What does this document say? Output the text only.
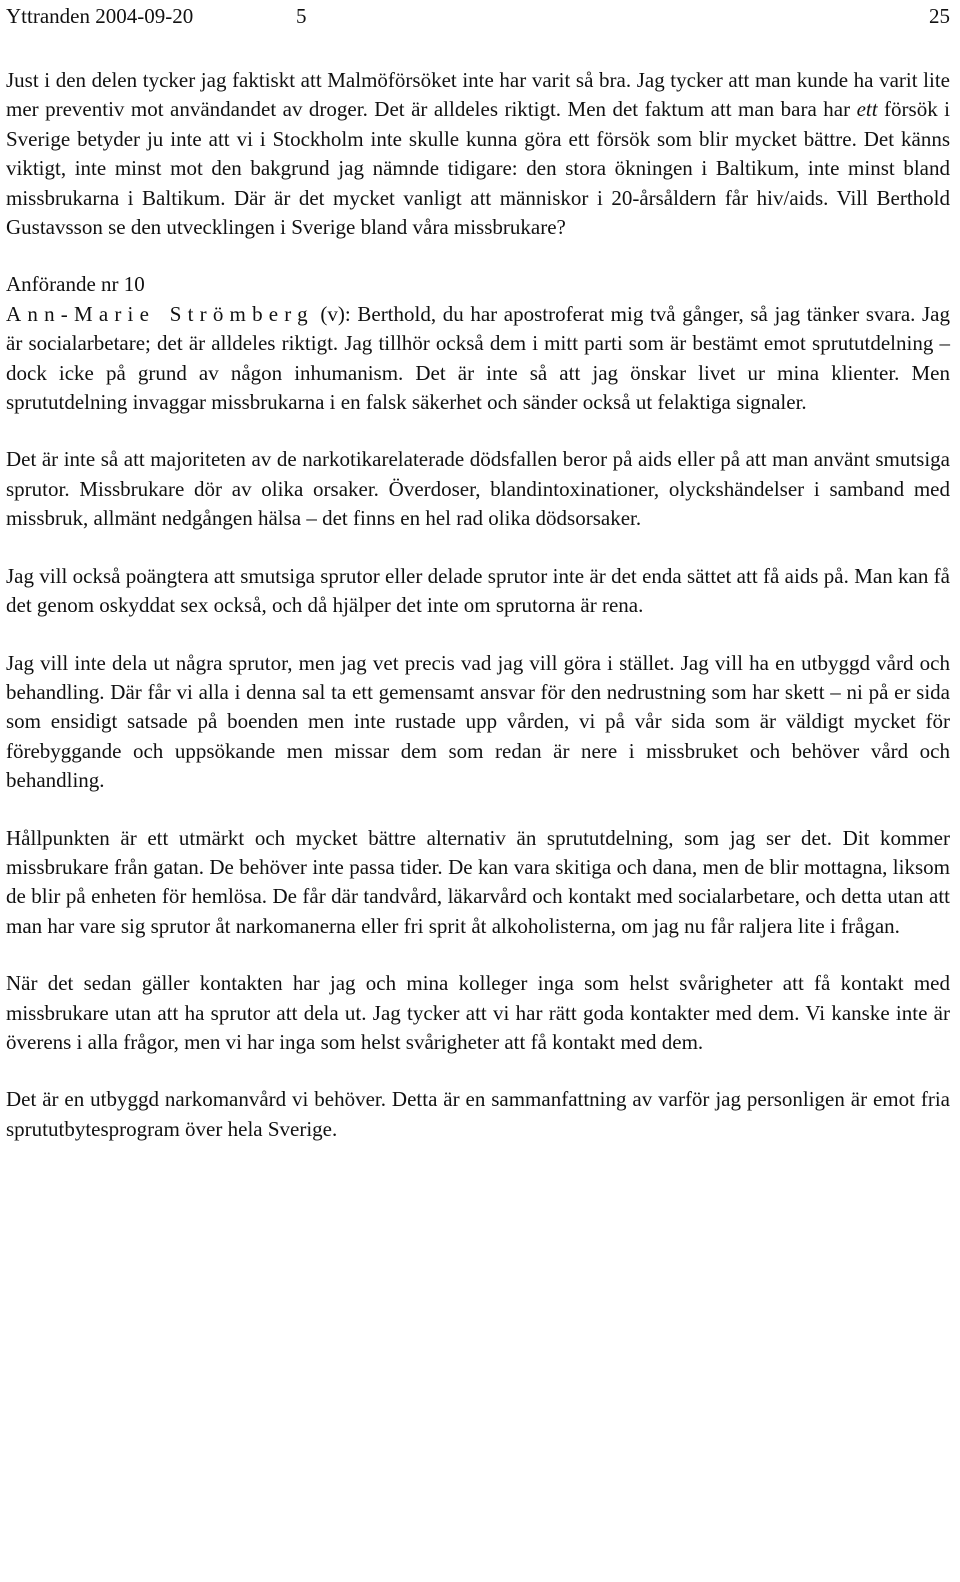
Yttranden 2004-09-20	5	25

Just i den delen tycker jag faktiskt att Malmöförsöket inte har varit så bra. Jag tycker att man kunde ha varit lite mer preventiv mot användandet av droger. Det är alldeles riktigt. Men det faktum att man bara har ett försök i Sverige betyder ju inte att vi i Stockholm inte skulle kunna göra ett försök som blir mycket bättre. Det känns viktigt, inte minst mot den bakgrund jag nämnde tidigare: den stora ökningen i Baltikum, inte minst bland missbrukarna i Baltikum. Där är det mycket vanligt att människor i 20-årsåldern får hiv/aids. Vill Berthold Gustavsson se den utvecklingen i Sverige bland våra missbrukare?

Anförande nr 10

Ann-Marie Strömberg (v): Berthold, du har apostroferat mig två gånger, så jag tänker svara. Jag är socialarbetare; det är alldeles riktigt. Jag tillhör också dem i mitt parti som är bestämt emot sprututdelning – dock icke på grund av någon inhumanism. Det är inte så att jag önskar livet ur mina klienter. Men sprututdelning invaggar missbrukarna i en falsk säkerhet och sänder också ut felaktiga signaler.

Det är inte så att majoriteten av de narkotikarelaterade dödsfallen beror på aids eller på att man använt smutsiga sprutor. Missbrukare dör av olika orsaker. Överdoser, blandintoxinationer, olyckshändelser i samband med missbruk, allmänt nedgången hälsa – det finns en hel rad olika dödsorsaker.

Jag vill också poängtera att smutsiga sprutor eller delade sprutor inte är det enda sättet att få aids på. Man kan få det genom oskyddat sex också, och då hjälper det inte om sprutorna är rena.

Jag vill inte dela ut några sprutor, men jag vet precis vad jag vill göra i stället. Jag vill ha en utbyggd vård och behandling. Där får vi alla i denna sal ta ett gemensamt ansvar för den nedrustning som har skett – ni på er sida som ensidigt satsade på boenden men inte rustade upp vården, vi på vår sida som är väldigt mycket för förebyggande och uppsökande men missar dem som redan är nere i missbruket och behöver vård och behandling.

Hållpunkten är ett utmärkt och mycket bättre alternativ än sprututdelning, som jag ser det. Dit kommer missbrukare från gatan. De behöver inte passa tider. De kan vara skitiga och dana, men de blir mottagna, liksom de blir på enheten för hemlösa. De får där tandvård, läkarvård och kontakt med socialarbetare, och detta utan att man har vare sig sprutor åt narkomanerna eller fri sprit åt alkoholisterna, om jag nu får raljera lite i frågan.

När det sedan gäller kontakten har jag och mina kolleger inga som helst svårigheter att få kontakt med missbrukare utan att ha sprutor att dela ut. Jag tycker att vi har rätt goda kontakter med dem. Vi kanske inte är överens i alla frågor, men vi har inga som helst svårigheter att få kontakt med dem.

Det är en utbyggd narkomanvård vi behöver. Detta är en sammanfattning av varför jag personligen är emot fria sprututbytesprogram över hela Sverige.
